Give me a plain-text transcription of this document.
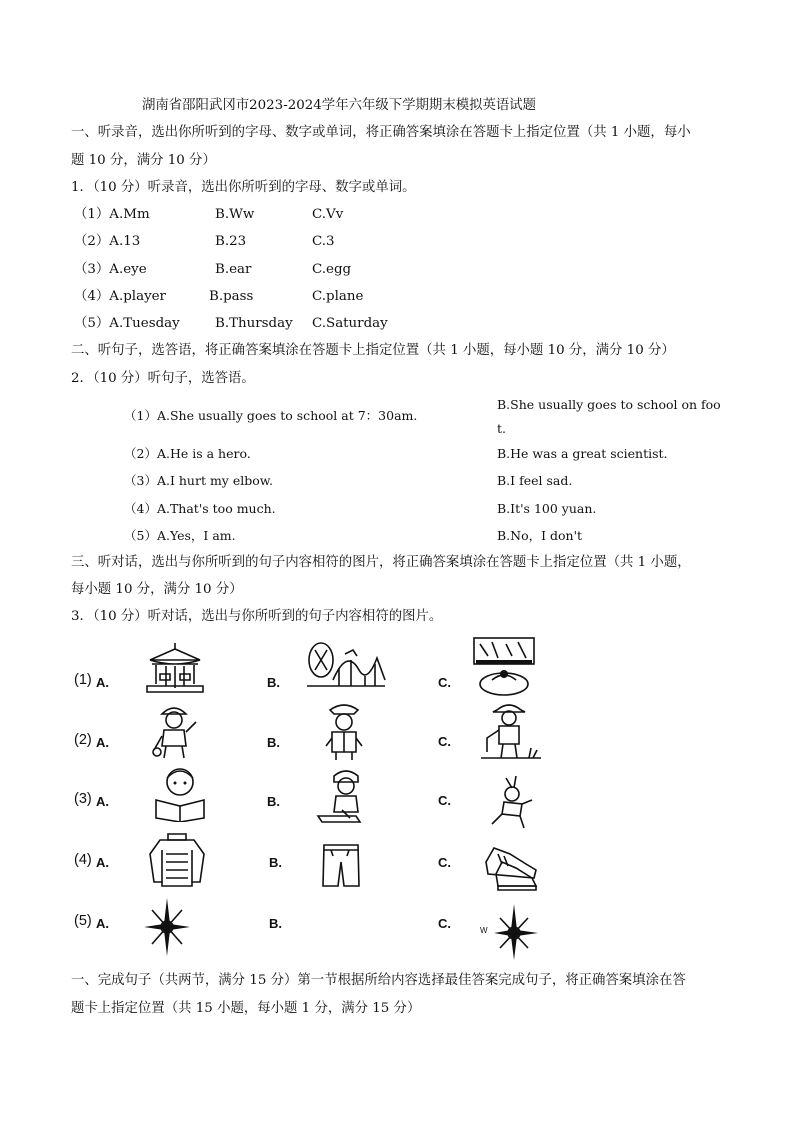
湖南省邵阳武冈市2023-2024学年六年级下学期期末模拟英语试题
一、听录音，选出你所听到的字母、数字或单词，将正确答案填涂在答题卡上指定位置（共 1 小题，每小
题 10 分，满分 10 分）
1．（10 分）听录音，选出你所听到的字母、数字或单词。
（1）A.Mm	B.Ww	C.Vv
（2）A.13	B.23	C.3
（3）A.eye	B.ear	C.egg
（4）A.player	B.pass	C.plane
（5）A.Tuesday	B.Thursday C.Saturday
二、听句子，选答语，将正确答案填涂在答题卡上指定位置（共 1 小题，每小题 10 分，满分 10 分）
2．（10 分）听句子，选答语。
（1）A.She usually goes to school at 7：30am.
B.She usually goes to school on foo
t.
（2）A.He is a hero.	B.He was a great scientist.
（3）A.I hurt my elbow.	B.I feel sad.
（4）A.That's too much.	B.It's 100 yuan.
（5）A.Yes，I am.	B.No，I don't
三、听对话，选出与你所听到的句子内容相符的图片，将正确答案填涂在答题卡上指定位置（共 1 小题，
每小题 10 分，满分 10 分）
3．（10 分）听对话，选出与你所听到的句子内容相符的图片。
(1) A.	B.	C.
(2) A.	B.	C.
(3) A.	B.	C.
(4) A.	B.	C.
(5) A.	B.	C.	W
一、完成句子（共两节，满分 15 分）第一节根据所给内容选择最佳答案完成句子，将正确答案填涂在答
题卡上指定位置（共 15 小题，每小题 1 分，满分 15 分）
